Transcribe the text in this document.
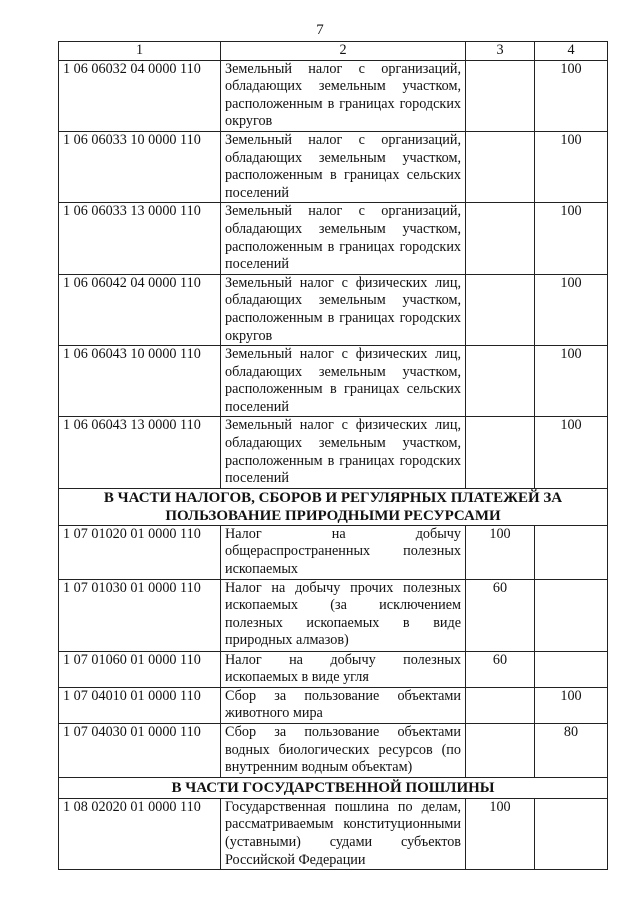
7
1	2	3	4
1 06 06032 04 0000 110	Земельный налог с организаций, обладающих земельным участком, расположенным в границах городских округов		100

1 06 06033 10 0000 110	Земельный налог с организаций, обладающих земельным участком, расположенным в границах сельских поселений		100

1 06 06033 13 0000 110	Земельный налог с организаций, обладающих земельным участком, расположенным в границах городских поселений		100

1 06 06042 04 0000 110	Земельный налог с физических лиц, обладающих земельным участком, расположенным в границах городских округов		100

1 06 06043 10 0000 110	Земельный налог с физических лиц, обладающих земельным участком, расположенным в границах сельских поселений		100

1 06 06043 13 0000 110	Земельный налог с физических лиц, обладающих земельным участком, расположенным в границах городских поселений		100

В ЧАСТИ НАЛОГОВ, СБОРОВ И РЕГУЛЯРНЫХ ПЛАТЕЖЕЙ ЗА ПОЛЬЗОВАНИЕ ПРИРОДНЫМИ РЕСУРСАМИ			
1 07 01020 01 0000 110	Налог на добычу общераспространенных полезных ископаемых	100	

1 07 01030 01 0000 110	Налог на добычу прочих полезных ископаемых (за исключением полезных ископаемых в виде природных алмазов)	60	

1 07 01060 01 0000 110	Налог на добычу полезных ископаемых в виде угля	60	

1 07 04010 01 0000 110	Сбор за пользование объектами животного мира		100

1 07 04030 01 0000 110	Сбор за пользование объектами водных биологических ресурсов (по внутренним водным объектам)		80

В ЧАСТИ ГОСУДАРСТВЕННОЙ ПОШЛИНЫ			
1 08 02020 01 0000 110	Государственная пошлина по делам, рассматриваемым конституционными (уставными) судами субъектов Российской Федерации	100	
